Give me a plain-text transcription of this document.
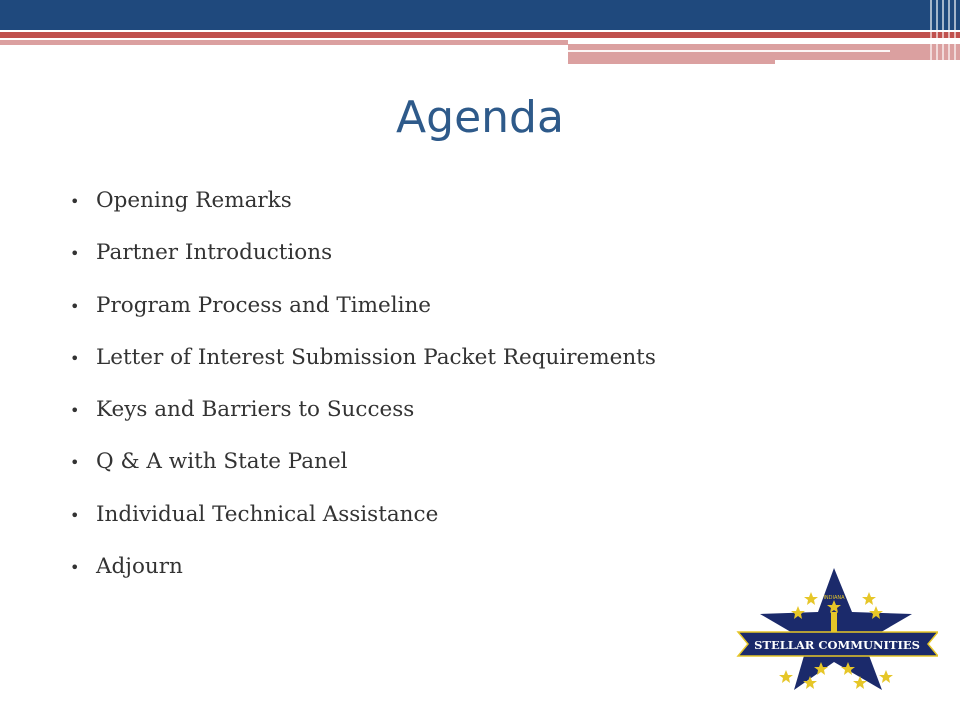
Agenda
• Opening Remarks
• Partner Introductions
• Program Process and Timeline
• Letter of Interest Submission Packet Requirements
• Keys and Barriers to Success
• Q & A with State Panel
• Individual Technical Assistance
• Adjourn
STELLAR COMMUNITIES
INDIANA
